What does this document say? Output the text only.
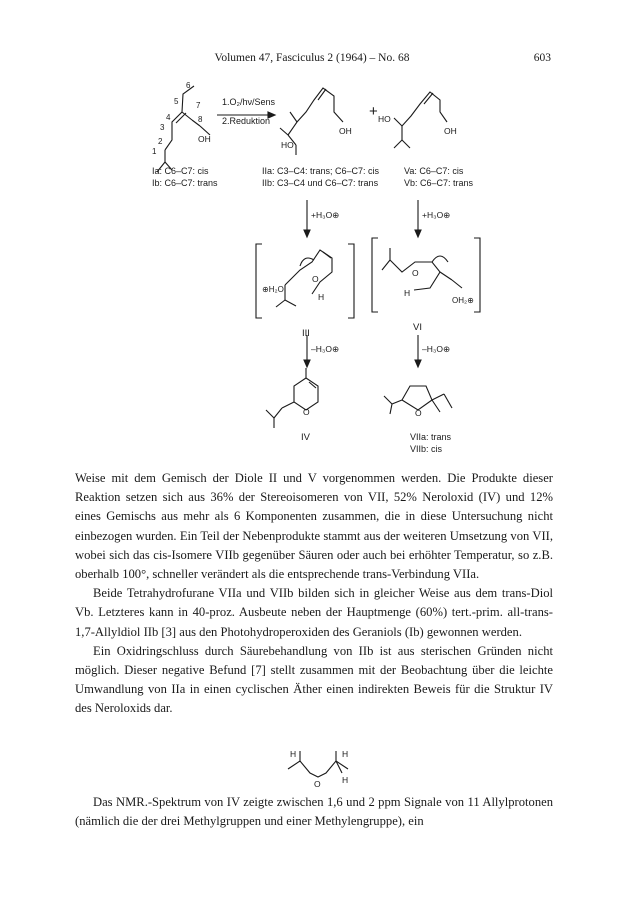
Volumen 47, Fasciculus 2 (1964) – No. 68	603
1
2
3
4
5
6
7
8
OH
1.O₂/hν/Sens
2.Reduktion
HO
OH
+ HO
OH
Ia: C6–C7: cis
Ib: C6–C7: trans
IIa: C3–C4: trans; C6–C7: cis
IIb: C3–C4 und C6–C7: trans
Va: C6–C7: cis
Vb: C6–C7: trans
+H₃O⊕	+H₃O⊕
⊕H₂O
O
H	H
O
OH₂⊕
III
VI
–H₃O⊕	–H₃O⊕
O	O
IV	VIIa: trans
VIIb: cis

Weise mit dem Gemisch der Diole II und V vorgenommen werden. Die Produkte dieser Reaktion setzen sich aus 36% der Stereoisomeren von VII, 52% Neroloxid (IV) und 12% eines Gemischs aus mehr als 6 Komponenten zusammen, die in diese Untersuchung nicht einbezogen wurden. Ein Teil der Nebenprodukte stammt aus der weiteren Umsetzung von VII, wobei sich das cis-Isomere VIIb gegenüber Säuren oder auch bei erhöhter Temperatur, so z.B. oberhalb 100°, schneller verändert als die entsprechende trans-Verbindung VIIa.

Beide Tetrahydrofurane VIIa und VIIb bilden sich in gleicher Weise aus dem trans-Diol Vb. Letzteres kann in 40-proz. Ausbeute neben der Hauptmenge (60%) tert.-prim. all-trans-1,7-Allyldiol IIb [3] aus den Photohydroperoxiden des Geraniols (Ib) gewonnen werden.

Ein Oxidringschluss durch Säurebehandlung von IIb ist aus sterischen Gründen nicht möglich. Dieser negative Befund [7] stellt zusammen mit der Beobachtung über die leichte Umwandlung von IIa in einen cyclischen Äther einen indirekten Beweis für die Struktur IV des Neroloxids dar.

H	H
H
O

Das NMR.-Spektrum von IV zeigte zwischen 1,6 und 2 ppm Signale von 11 Allylprotonen (nämlich die der drei Methylgruppen und einer Methylengruppe), ein
